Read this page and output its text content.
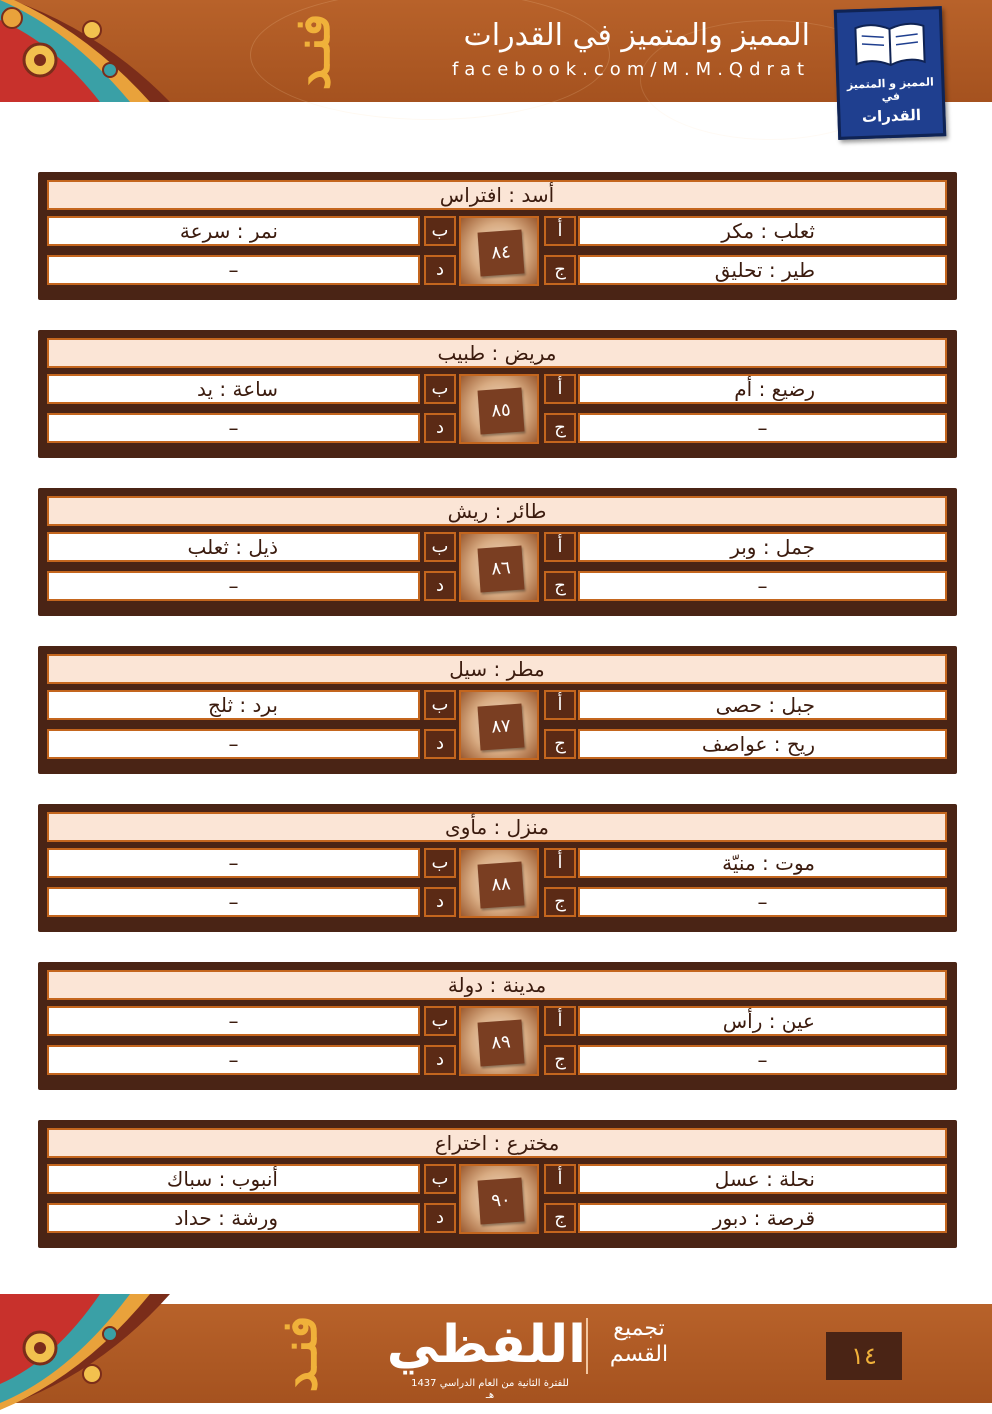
فنـد	المميز والمتميز في القدرات
facebook.com/M.M.Qdrat
المميز و المتميز في
القدرات
أسد : افتراس
ثعلب : مكر
أ
٨٤
ب
نمر : سرعة
طير : تحليق
ج
د
–
مريض : طبيب
رضيع : أم
أ
٨٥
ب
ساعة : يد
–
ج
د
–
طائر : ريش
جمل : وبر
أ
٨٦
ب
ذيل : ثعلب
–
ج
د
–
مطر : سيل
جبل : حصى
أ
٨٧
ب
برد : ثلج
ريح : عواصف
ج
د
–
منزل : مأوى
موت : منيّة
أ
٨٨
ب
–
–
ج
د
–
مدينة : دولة
عين : رأس
أ
٨٩
ب
–
–
ج
د
–
مخترع : اختراع
نحلة : عسل
أ
٩٠
ب
أنبوب : سباك
قرصة : دبور
ج
د
ورشة : حداد
فنـد اللفظي
للفترة الثانية من العام الدراسي 1437 هـ
تجميع القسم	١٤
